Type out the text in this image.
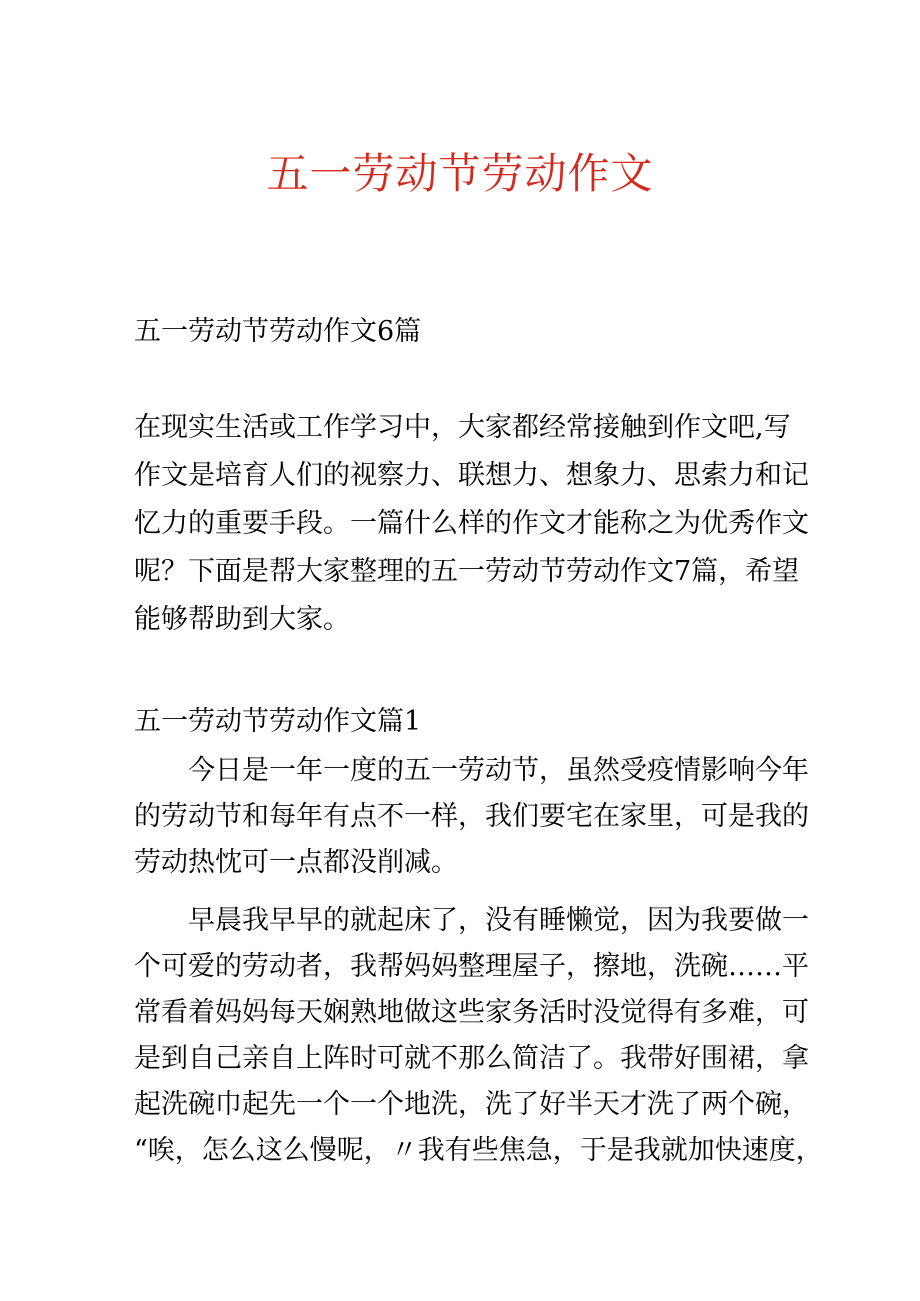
五一劳动节劳动作文
五一劳动节劳动作文6篇
在现实生活或工作学习中，大家都经常接触到作文吧,写
作文是培育人们的视察力、联想力、想象力、思索力和记
忆力的重要手段。一篇什么样的作文才能称之为优秀作文
呢？下面是帮大家整理的五一劳动节劳动作文7篇，希望
能够帮助到大家。
五一劳动节劳动作文篇1
今日是一年一度的五一劳动节，虽然受疫情影响今年
的劳动节和每年有点不一样，我们要宅在家里，可是我的
劳动热忱可一点都没削减。
早晨我早早的就起床了，没有睡懒觉，因为我要做一
个可爱的劳动者，我帮妈妈整理屋子，擦地，洗碗……平
常看着妈妈每天娴熟地做这些家务活时没觉得有多难，可
是到自己亲自上阵时可就不那么简洁了。我带好围裙，拿
起洗碗巾起先一个一个地洗，洗了好半天才洗了两个碗，
“唉，怎么这么慢呢，〃我有些焦急，于是我就加快速度，
